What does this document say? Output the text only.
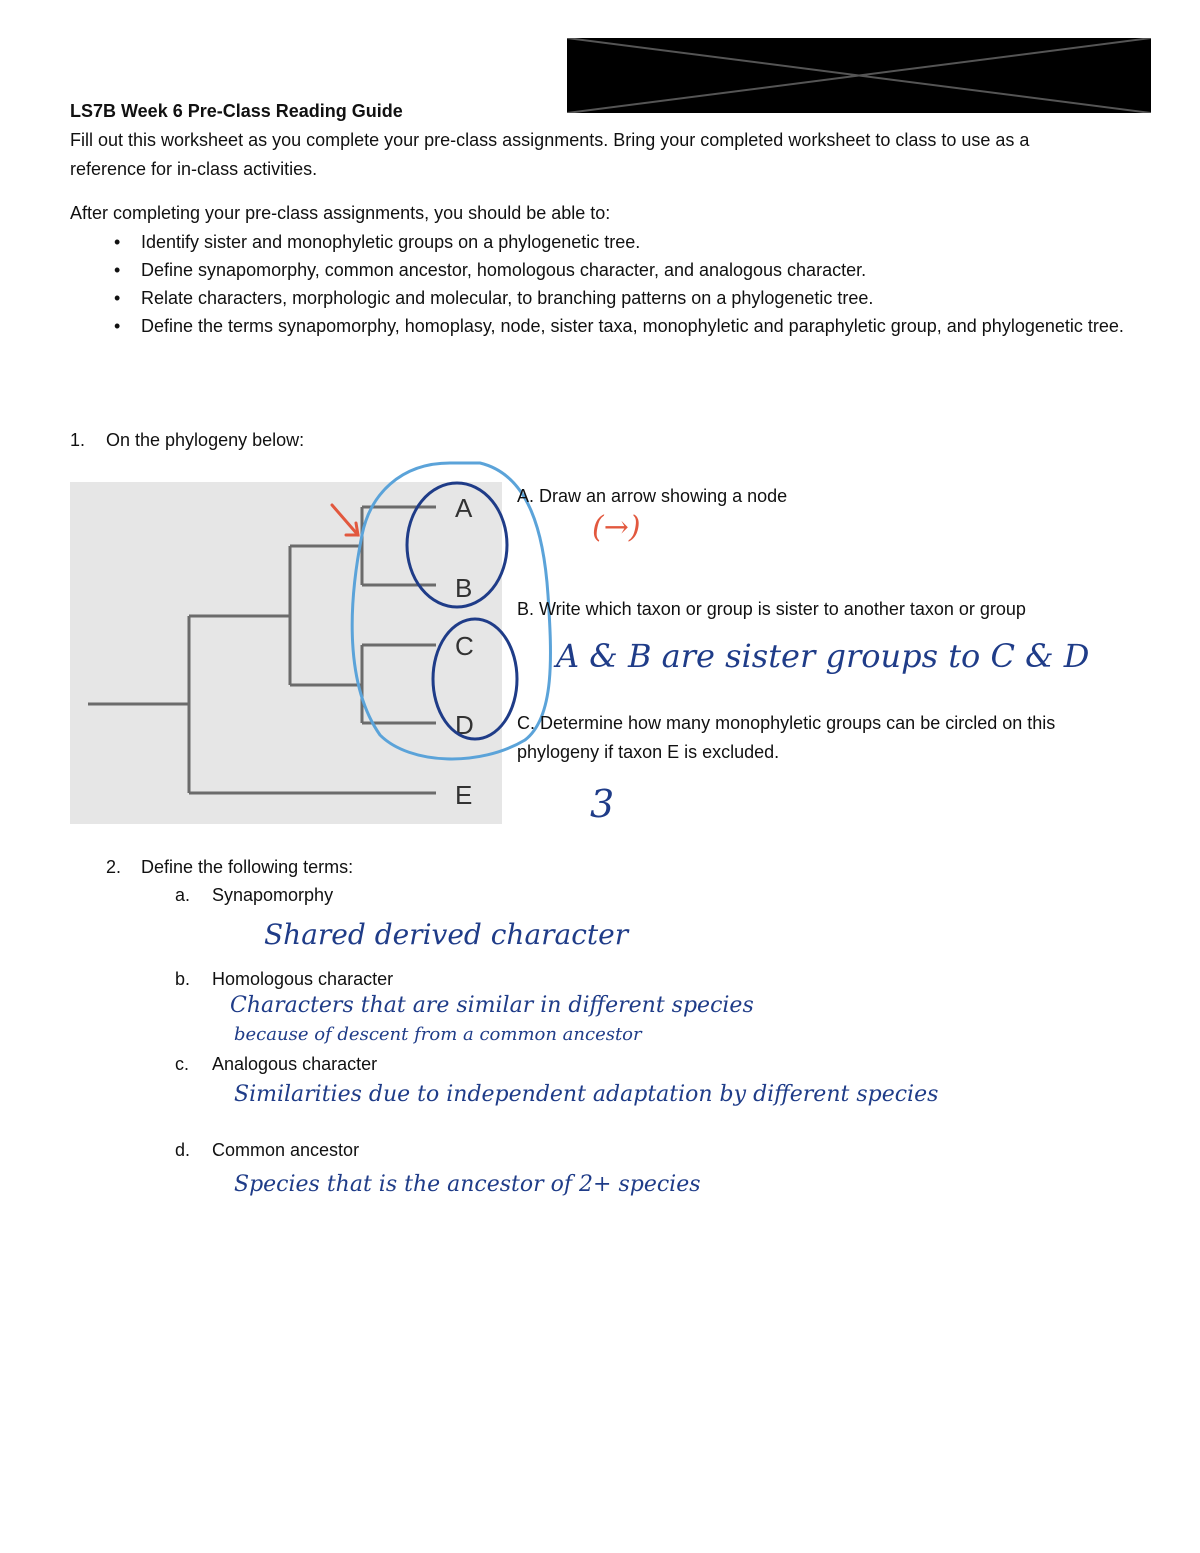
LS7B Week 6 Pre-Class Reading Guide
Fill out this worksheet as you complete your pre-class assignments. Bring your completed worksheet to class to use as a
reference for in-class activities.
After completing your pre-class assignments, you should be able to:
• Identify sister and monophyletic groups on a phylogenetic tree.
• Define synapomorphy, common ancestor, homologous character, and analogous character.
• Relate characters, morphologic and molecular, to branching patterns on a phylogenetic tree.
• Define the terms synapomorphy, homoplasy, node, sister taxa, monophyletic and paraphyletic group, and phylogenetic tree.
1. On the phylogeny below:
A
B
C
D
E
A. Draw an arrow showing a node
(→)
B. Write which taxon or group is sister to another taxon or group
A & B are sister groups to C & D
C. Determine how many monophyletic groups can be circled on this
phylogeny if taxon E is excluded.
3
2. Define the following terms:
a. Synapomorphy
Shared derived character
b. Homologous character
Characters that are similar in different species
because of descent from a common ancestor
c. Analogous character
Similarities due to independent adaptation by different species
d. Common ancestor
Species that is the ancestor of 2+ species
